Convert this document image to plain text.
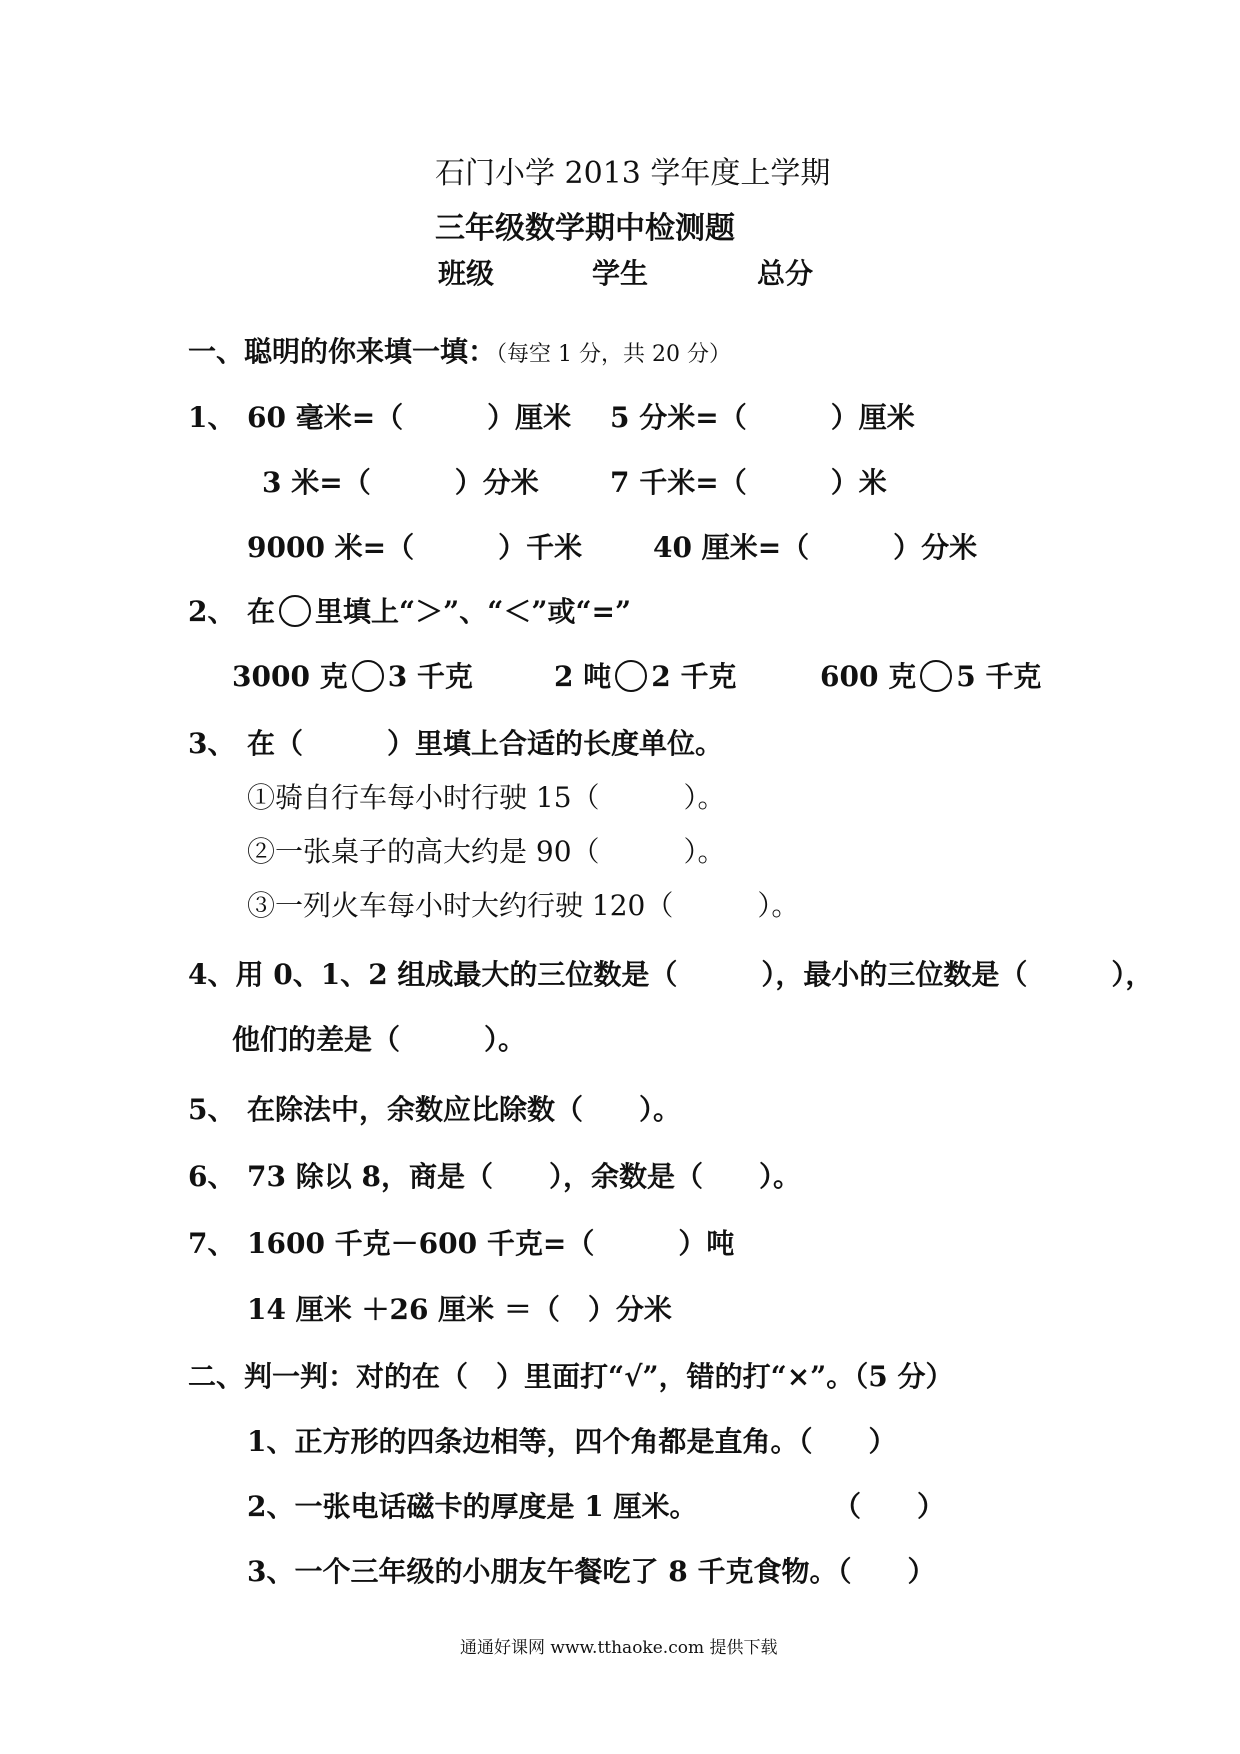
石门小学 2013 学年度上学期
三年级数学期中检测题
班级	学生	总分
一、聪明的你来填一填：（每空 1 分，共 20 分）
1、 60 毫米=（　　　）厘米 5 分米=（　　　）厘米
3 米=（　　　）分米	7 千米=（　　　）米
9000 米=（　　　）千米	40 厘米=（　　　）分米
2、 在 里填上“＞”、“＜”或“=”
3000 克 3 千克	2 吨 2 千克	600 克 5 千克
3、 在（　　　）里填上合适的长度单位。
①骑自行车每小时行驶 15（　　　）。
②一张桌子的高大约是 90（　　　）。
③一列火车每小时大约行驶 120（　　　）。
4、用 0、1、2 组成最大的三位数是（　　　），最小的三位数是（　　　），
他们的差是（　　　）。
5、 在除法中，余数应比除数（　　）。
6、 73 除以 8，商是（　　），余数是（　　）。
7、 1600 千克－600 千克=（　　　）吨
14 厘米 ＋26 厘米 ＝（　）分米
二、判一判：对的在（　）里面打“√”，错的打“×”。（5 分）
1、正方形的四条边相等，四个角都是直角。（　　）
2、一张电话磁卡的厚度是 1 厘米。	（　　）
3、一个三年级的小朋友午餐吃了 8 千克食物。（　　）
通通好课网 www.tthaoke.com 提供下载
